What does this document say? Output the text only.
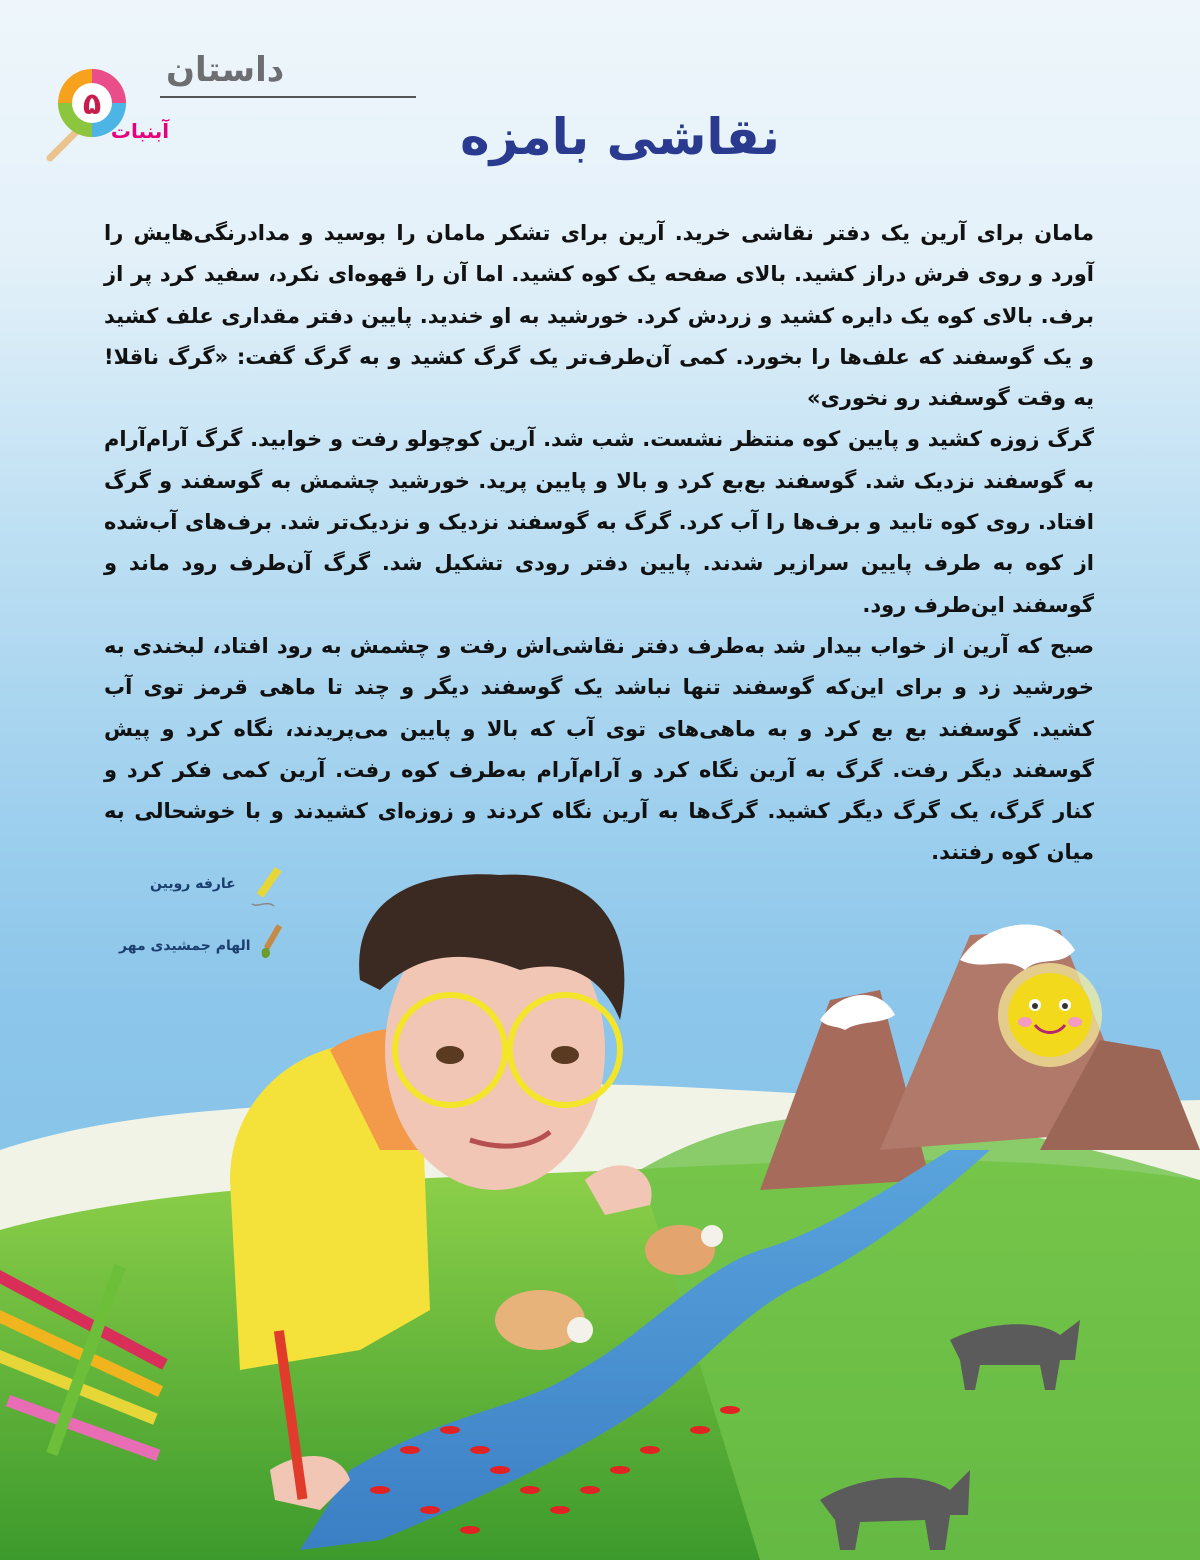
داستان
۵
آبنبات	نقاشی بامزه

مامان برای آرین یک دفتر نقاشی خرید. آرین برای تشکر مامان را بوسید و مدادرنگی‌هایش را آورد و روی فرش دراز کشید. بالای صفحه یک کوه کشید. اما آن را قهوه‌ای نکرد، سفید کرد پر از برف. بالای کوه یک دایره کشید و زردش کرد. خورشید به او خندید. پایین دفتر مقداری علف کشید و یک گوسفند که علف‌ها را بخورد. کمی آن‌طرف‌تر یک گرگ کشید و به گرگ گفت: «گرگ ناقلا! یه وقت گوسفند رو نخوری»

گرگ زوزه کشید و پایین کوه منتظر نشست. شب شد. آرین کوچولو رفت و خوابید. گرگ آرام‌آرام به گوسفند نزدیک شد. گوسفند بع‌بع کرد و بالا و پایین پرید. خورشید چشمش به گوسفند و گرگ افتاد. روی کوه تابید و برف‌ها را آب کرد. گرگ به گوسفند نزدیک و نزدیک‌تر شد. برف‌های آب‌شده از کوه به طرف پایین سرازیر شدند. پایین دفتر رودی تشکیل شد. گرگ آن‌طرف رود ماند و گوسفند این‌طرف رود.

صبح که آرین از خواب بیدار شد به‌طرف دفتر نقاشی‌اش رفت و چشمش به رود افتاد، لبخندی به خورشید زد و برای این‌که گوسفند تنها نباشد یک گوسفند دیگر و چند تا ماهی قرمز توی آب کشید. گوسفند بع بع کرد و به ماهی‌های توی آب که بالا و پایین می‌پریدند، نگاه کرد و پیش گوسفند دیگر رفت. گرگ به آرین نگاه کرد و آرام‌آرام به‌طرف کوه رفت. آرین کمی فکر کرد و کنار گرگ، یک گرگ دیگر کشید. گرگ‌ها به آرین نگاه کردند و زوزه‌ای کشیدند و با خوشحالی به میان کوه رفتند.

عارفه رویین
الهام جمشیدی مهر
